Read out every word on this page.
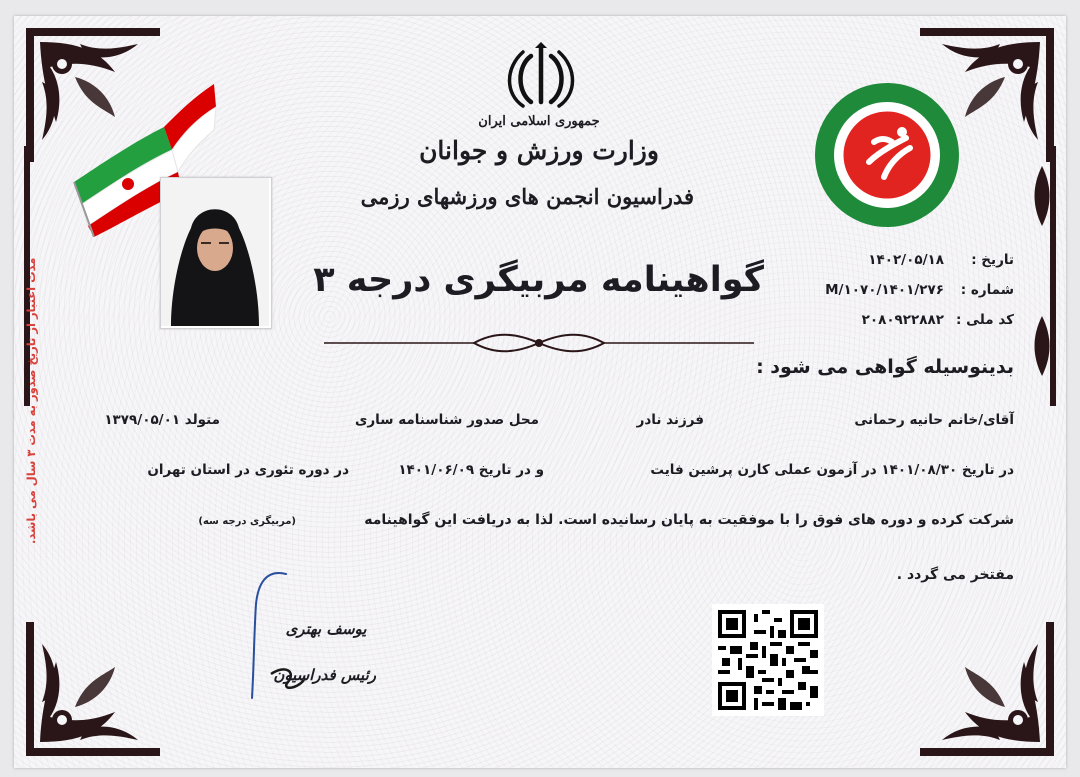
مدت اعتبار از تاریخ صدور به مدت ۳ سال می باشد.
جمهوری اسلامی ایران
وزارت ورزش و جوانان
فدراسیون انجمن های ورزشهای رزمی
گواهینامه مربیگری درجه ۳	تاریخ :
۱۴۰۲/۰۵/۱۸
شماره :
۱۴۰۱/۲۷۶/M/۱۰۷۰
کد ملی :
۲۰۸۰۹۲۲۸۸۲
بدینوسیله گواهی می شود :
آقای/خانم حانیه رحمانی
فرزند نادر
محل صدور شناسنامه ساری
متولد ۱۳۷۹/۰۵/۰۱
در تاریخ ۱۴۰۱/۰۸/۳۰ در آزمون عملی کارن پرشین فایت
و در تاریخ ۱۴۰۱/۰۶/۰۹
در دوره تئوری در استان تهران
شرکت کرده و دوره های فوق را با موفقیت به پایان رسانیده است. لذا به دریافت این گواهینامه
(مربیگری درجه سه)
مفتخر می گردد .
یوسف بهتری
رئیس فدراسیون
